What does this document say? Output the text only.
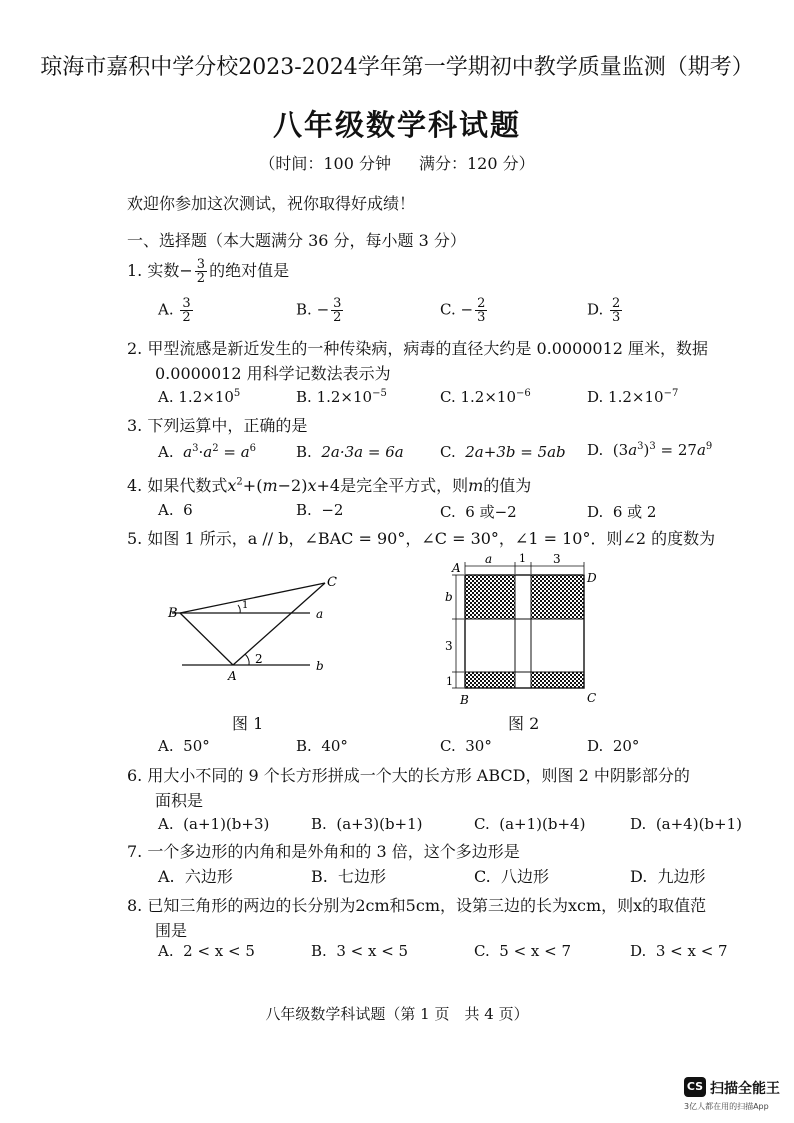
琼海市嘉积中学分校2023-2024学年第一学期初中教学质量监测（期考）
八年级数学科试题
（时间：100 分钟 满分：120 分）
欢迎你参加这次测试，祝你取得好成绩！
一、选择题（本大题满分 36 分，每小题 3 分）
1. 实数− $\frac{3}{2}$ 的绝对值是
A. $\frac{3}{2}$	B. − $\frac{3}{2}$	C. − $\frac{2}{3}$	D. $\frac{2}{3}$
2. 甲型流感是新近发生的一种传染病，病毒的直径大约是 0.0000012 厘米，数据
0.0000012 用科学记数法表示为
A. $1.2\times 10^5$	B. $1.2\times 10^{-5}$	C. $1.2\times 10^{-6}$	D. $1.2\times 10^{-7}$
3. 下列运算中，正确的是
A. $a^3\cdot a^2 = a^6$	B. 2a·3a = 6a C. 2a+3b = 5ab D.  $(3a^3)^3 = 27a^9$
4. 如果代数式$x^2+(m-2)x+4$是完全平方式，则m的值为
A. 6	B. −2	C. 6 或−2	D. 6 或 2
5. 如图 1 所示，a // b，∠BAC = 90°，∠C = 30°，∠1 = 10°．则∠2 的度数为
B
C
A
a
b
1
2
图 1
a 1 3
b
3
1
A
D
B	C
图 2
A. 50°	B. 40°	C. 30°	D. 20°
6. 用大小不同的 9 个长方形拼成一个大的长方形 ABCD，则图 2 中阴影部分的
面积是
A. (a+1)(b+3)	B. (a+3)(b+1)	C. (a+1)(b+4)	D. (a+4)(b+1)
7. 一个多边形的内角和是外角和的 3 倍，这个多边形是
A. 六边形	B. 七边形	C. 八边形	D. 九边形
8. 已知三角形的两边的长分别为2cm和5cm，设第三边的长为xcm，则x的取值范
围是
A. 2 < x < 5	B. 3 < x < 5	C. 5 < x < 7	D. 3 < x < 7
八年级数学科试题（第 1 页　共 4 页）
CS 扫描全能王
3亿人都在用的扫描App
